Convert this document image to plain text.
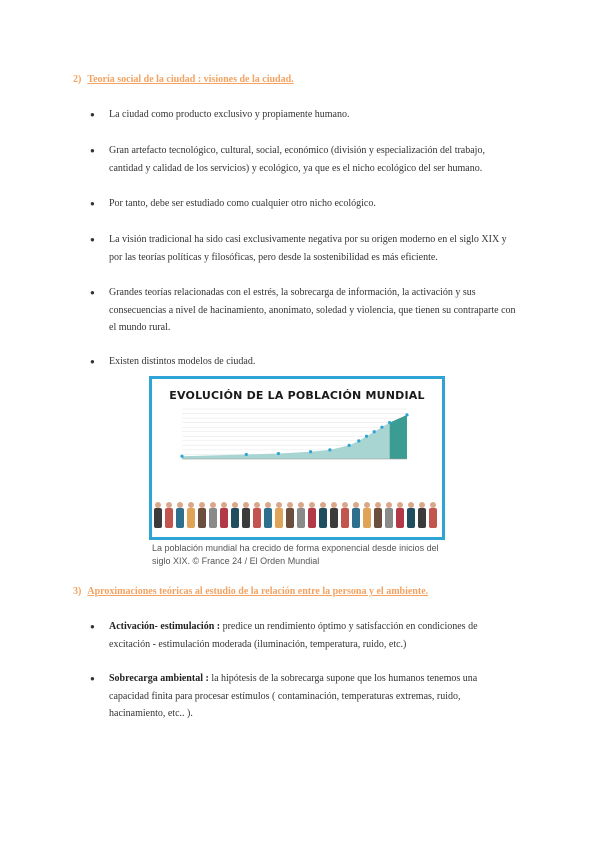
2) Teoría social de la ciudad : visiones de la ciudad.
● La ciudad como producto exclusivo y propiamente humano.
● Gran artefacto tecnológico, cultural, social, económico (división y especialización del trabajo, cantidad y calidad de los servicios) y ecológico, ya que es el nicho ecológico del ser humano.
● Por tanto, debe ser estudiado como cualquier otro nicho ecológico.
● La visión tradicional ha sido casi exclusivamente negativa por su origen moderno en el siglo XIX y por las teorías políticas y filosóficas, pero desde la sostenibilidad es más eficiente.
● Grandes teorías relacionadas con el estrés, la sobrecarga de información, la activación y sus consecuencias a nivel de hacinamiento, anonimato, soledad y violencia, que tienen su contraparte con el mundo rural.
● Existen distintos modelos de ciudad.
EVOLUCIÓN DE LA POBLACIÓN MUNDIAL
La población mundial ha crecido de forma exponencial desde inicios del siglo XIX. © France 24 / El Orden Mundial
3) Aproximaciones teóricas al estudio de la relación entre la persona y el ambiente.
● Activación- estimulación : predice un rendimiento óptimo y satisfacción en condiciones de excitación - estimulación moderada (iluminación, temperatura, ruido, etc.)
● Sobrecarga ambiental : la hipótesis de la sobrecarga supone que los humanos tenemos una capacidad finita para procesar estímulos ( contaminación, temperaturas extremas, ruido, hacinamiento, etc.. ).
